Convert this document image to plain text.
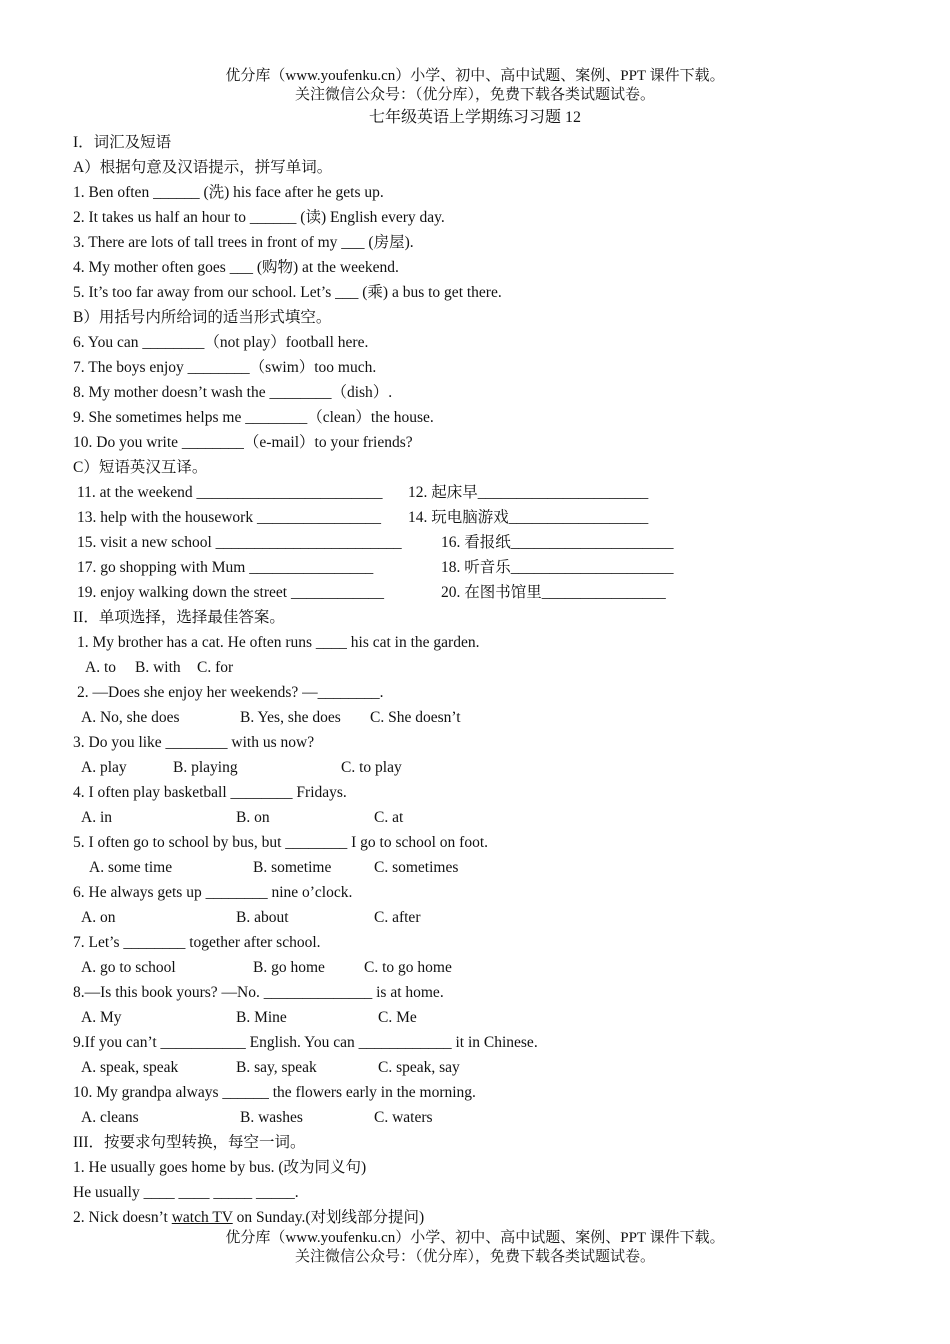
优分库（www.youfenku.cn）小学、初中、高中试题、案例、PPT 课件下载。
关注微信公众号：（优分库），免费下载各类试题试卷。
七年级英语上学期练习习题 12
I．词汇及短语
A）根据句意及汉语提示，拼写单词。
1. Ben often ______ (洗) his face after he gets up.
2. It takes us half an hour to ______ (读) English every day.
3. There are lots of tall trees in front of my ___ (房屋).
4. My mother often goes ___ (购物) at the weekend.
5. It’s too far away from our school. Let’s ___ (乘) a bus to get there.
B）用括号内所给词的适当形式填空。
6. You can ________（not play）football here.
7. The boys enjoy ________（swim）too much.
8. My mother doesn’t wash the ________（dish）.
9. She sometimes helps me ________（clean）the house.
10. Do you write ________（e-mail）to your friends?
C）短语英汉互译。
11. at the weekend ________________________ 12. 起床早______________________
13. help with the housework ________________ 14. 玩电脑游戏__________________
15. visit a new school ________________________	16. 看报纸_____________________
17. go shopping with Mum ________________	18. 听音乐_____________________
19. enjoy walking down the street ____________	20. 在图书馆里________________
II．单项选择，选择最佳答案。
1. My brother has a cat. He often runs ____ his cat in the garden.
A. to B. with C. for
2. —Does she enjoy her weekends? —________.
A. No, she does	B. Yes, she does C. She doesn’t
3. Do you like ________ with us now?
A. play	B. playing	C. to play
4. I often play basketball ________ Fridays.
A. in	B. on	C. at
5. I often go to school by bus, but ________ I go to school on foot.
A. some time	B. sometime	C. sometimes
6. He always gets up ________ nine o’clock.
A. on	B. about	C. after
7. Let’s ________ together after school.
A. go to school	B. go home	C. to go home
8.—Is this book yours? —No. ______________ is at home.
A. My	B. Mine	C. Me
9.If you can’t ___________ English. You can ____________ it in Chinese.
A. speak, speak	B. say, speak	C. speak, say
10. My grandpa always ______ the flowers early in the morning.
A. cleans	B. washes	C. waters
III．按要求句型转换，每空一词。
1. He usually goes home by bus. (改为同义句)
He usually ____ ____ _____ _____.
2. Nick doesn’t watch TV on Sunday.(对划线部分提问)
优分库（www.youfenku.cn）小学、初中、高中试题、案例、PPT 课件下载。
关注微信公众号：（优分库），免费下载各类试题试卷。
